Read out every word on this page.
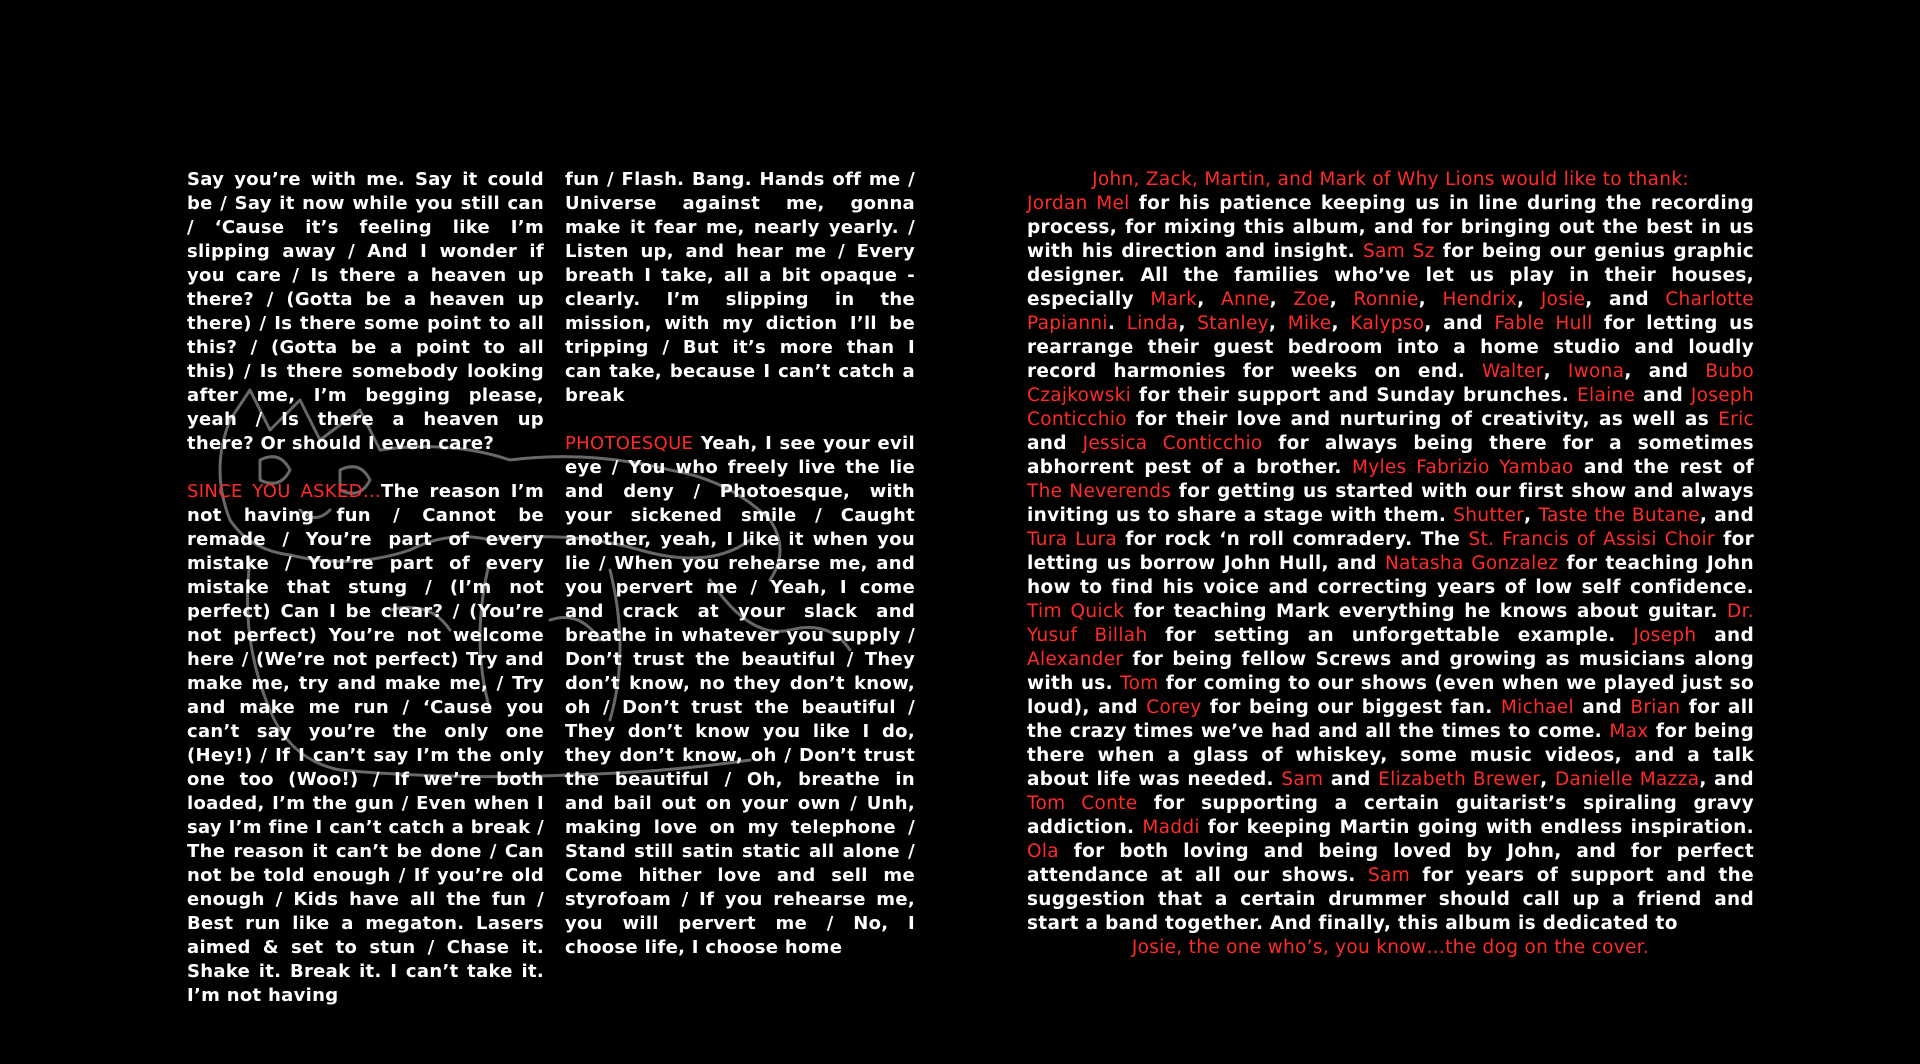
Say you’re with me. Say it could be / Say it now while you still can / ‘Cause it’s feeling like I’m slipping away / And I wonder if you care / Is there a heaven up there? / (Gotta be a heaven up there) / Is there some point to all this? / (Gotta be a point to all this) / Is there somebody looking after me, I’m begging please, yeah / Is there a heaven up there? Or should I even care?

SINCE YOU ASKED…The reason I’m not having fun / Cannot be remade / You’re part of every mistake / You’re part of every mistake that stung / (I’m not perfect) Can I be clear? / (You’re not perfect) You’re not welcome here / (We’re not perfect) Try and make me, try and make me, / Try and make me run / ‘Cause you can’t say you’re the only one (Hey!) / If I can’t say I’m the only one too (Woo!) / If we’re both loaded, I’m the gun / Even when I say I’m fine I can’t catch a break / The reason it can’t be done / Can not be told enough / If you’re old enough / Kids have all the fun / Best run like a megaton. Lasers aimed & set to stun / Chase it. Shake it. Break it. I can’t take it. I’m not having

fun / Flash. Bang. Hands off me / Universe against me, gonna make it fear me, nearly yearly. / Listen up, and hear me / Every breath I take, all a bit opaque - clearly. I’m slipping in the mission, with my diction I’ll be tripping / But it’s more than I can take, because I can’t catch a break

PHOTOESQUE Yeah, I see your evil eye / You who freely live the lie and deny / Photoesque, with your sickened smile / Caught another, yeah, I like it when you lie / When you rehearse me, and you pervert me / Yeah, I come and crack at your slack and breathe in whatever you supply / Don’t trust the beautiful / They don’t know, no they don’t know, oh / Don’t trust the beautiful / They don’t know you like I do, they don’t know, oh / Don’t trust the beautiful / Oh, breathe in and bail out on your own / Unh, making love on my telephone / Stand still satin static all alone / Come hither love and sell me styrofoam / If you rehearse me, you will pervert me / No, I choose life, I choose home

John, Zack, Martin, and Mark of Why Lions would like to thank:

Jordan Mel for his patience keeping us in line during the recording process, for mixing this album, and for bringing out the best in us with his direction and insight. Sam Sz for being our genius graphic designer. All the families who’ve let us play in their houses, especially Mark, Anne, Zoe, Ronnie, Hendrix, Josie, and Charlotte Papianni. Linda, Stanley, Mike, Kalypso, and Fable Hull for letting us rearrange their guest bedroom into a home studio and loudly record harmonies for weeks on end. Walter, Iwona, and Bubo Czajkowski for their support and Sunday brunches. Elaine and Joseph Conticchio for their love and nurturing of creativity, as well as Eric and Jessica Conticchio for always being there for a sometimes abhorrent pest of a brother. Myles Fabrizio Yambao and the rest of The Neverends for getting us started with our first show and always inviting us to share a stage with them. Shutter, Taste the Butane, and Tura Lura for rock ‘n roll comradery. The St. Francis of Assisi Choir for letting us borrow John Hull, and Natasha Gonzalez for teaching John how to find his voice and correcting years of low self confidence. Tim Quick for teaching Mark everything he knows about guitar. Dr. Yusuf Billah for setting an unforgettable example. Joseph and Alexander for being fellow Screws and growing as musicians along with us. Tom for coming to our shows (even when we played just so loud), and Corey for being our biggest fan. Michael and Brian for all the crazy times we’ve had and all the times to come. Max for being there when a glass of whiskey, some music videos, and a talk about life was needed. Sam and Elizabeth Brewer, Danielle Mazza, and Tom Conte for supporting a certain guitarist’s spiraling gravy addiction. Maddi for keeping Martin going with endless inspiration. Ola for both loving and being loved by John, and for perfect attendance at all our shows. Sam for years of support and the suggestion that a certain drummer should call up a friend and start a band together. And finally, this album is dedicated to

Josie, the one who’s, you know…the dog on the cover.
